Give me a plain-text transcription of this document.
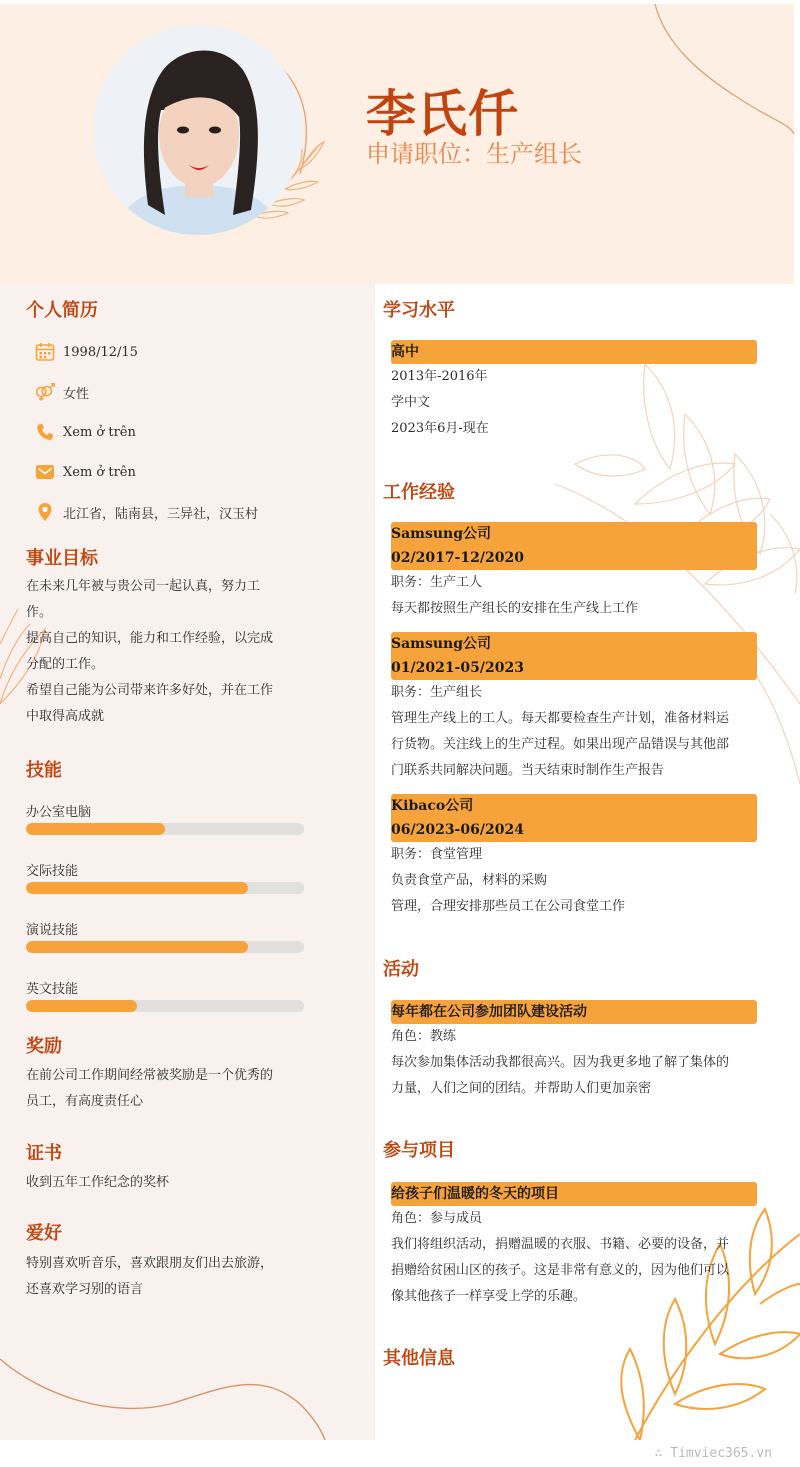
李氏仟
申请职位：生产组长
个人简历
1998/12/15
女性
Xem ở trên
Xem ở trên
北江省，陆南县，三异社，汉玉村
事业目标
在未来几年被与贵公司一起认真，努力工
作。
提高自己的知识，能力和工作经验，以完成
分配的工作。
希望自己能为公司带来许多好处，并在工作
中取得高成就
技能
办公室电脑
交际技能
演说技能
英文技能
奖励
在前公司工作期间经常被奖励是一个优秀的
员工，有高度责任心
证书
收到五年工作纪念的奖杯
爱好
特别喜欢听音乐，喜欢跟朋友们出去旅游，
还喜欢学习别的语言
学习水平
高中
2013年-2016年
学中文
2023年6月-现在
工作经验
Samsung公司
02/2017-12/2020
职务：生产工人
每天都按照生产组长的安排在生产线上工作
Samsung公司
01/2021-05/2023
职务：生产组长
管理生产线上的工人。每天都要检查生产计划，准备材料运
行货物。关注线上的生产过程。如果出现产品错误与其他部
门联系共同解决问题。当天结束时制作生产报告
Kibaco公司
06/2023-06/2024
职务：食堂管理
负责食堂产品，材料的采购
管理，合理安排那些员工在公司食堂工作
活动
每年都在公司参加团队建设活动
角色：教练
每次参加集体活动我都很高兴。因为我更多地了解了集体的
力量，人们之间的团结。并帮助人们更加亲密
参与项目
给孩子们温暖的冬天的项目
角色：参与成员
我们将组织活动，捐赠温暖的衣服、书籍、必要的设备，并
捐赠给贫困山区的孩子。这是非常有意义的，因为他们可以
像其他孩子一样享受上学的乐趣。
其他信息
∴ Timviec365.vn
